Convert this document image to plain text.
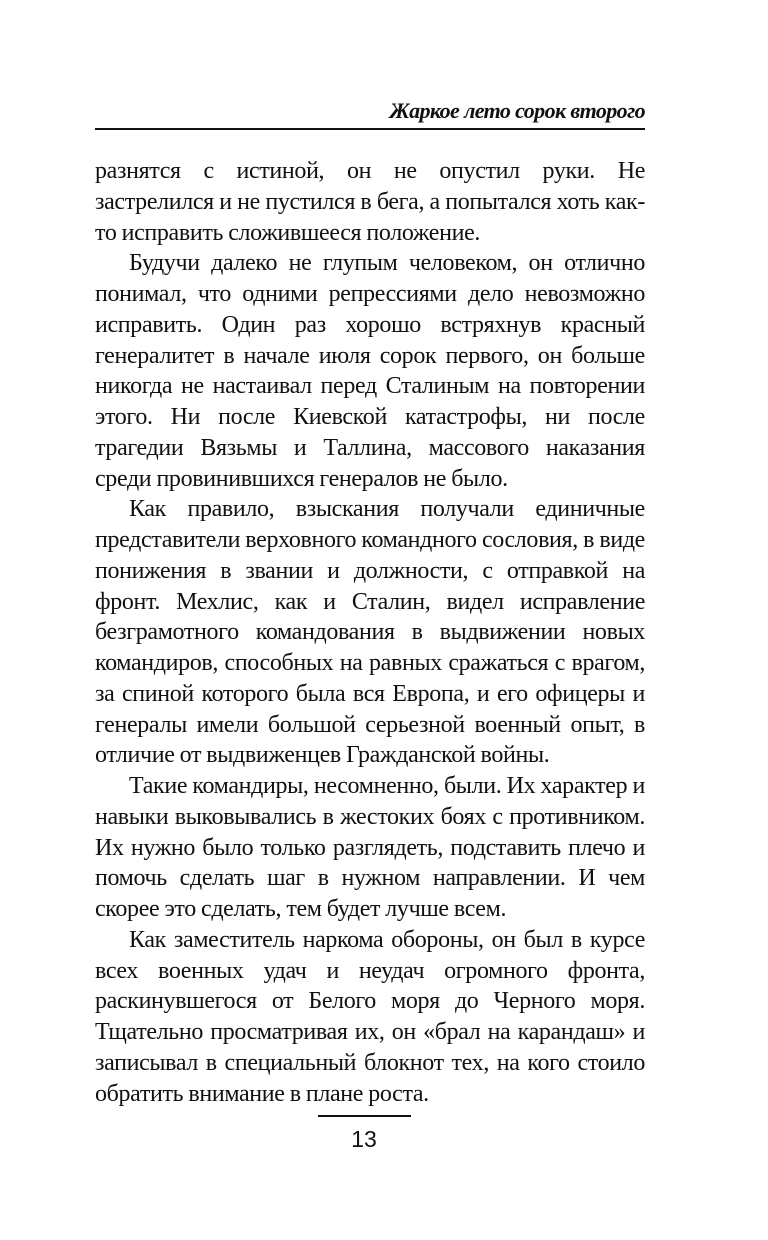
Жаркое лето сорок второго

разнятся с истиной, он не опустил руки. Не застрелился и не пустился в бега, а попытался хоть как-то исправить сложившееся положение.

Будучи далеко не глупым человеком, он отлично понимал, что одними репрессиями дело невозможно исправить. Один раз хорошо встряхнув красный генералитет в начале июля сорок первого, он больше никогда не настаивал перед Сталиным на повторении этого. Ни после Киевской катастрофы, ни после трагедии Вязьмы и Таллина, массового наказания среди провинившихся генералов не было.

Как правило, взыскания получали единичные представители верховного командного сословия, в виде понижения в звании и должности, с отправкой на фронт. Мехлис, как и Сталин, видел исправление безграмотного командования в выдвижении новых командиров, способных на равных сражаться с врагом, за спиной которого была вся Европа, и его офицеры и генералы имели большой серьезной военный опыт, в отличие от выдвиженцев Гражданской войны.

Такие командиры, несомненно, были. Их характер и навыки выковывались в жестоких боях с противником. Их нужно было только разглядеть, подставить плечо и помочь сделать шаг в нужном направлении. И чем скорее это сделать, тем будет лучше всем.

Как заместитель наркома обороны, он был в курсе всех военных удач и неудач огромного фронта, раскинувшегося от Белого моря до Черного моря. Тщательно просматривая их, он «брал на карандаш» и записывал в специальный блокнот тех, на кого стоило обратить внимание в плане роста.

13
